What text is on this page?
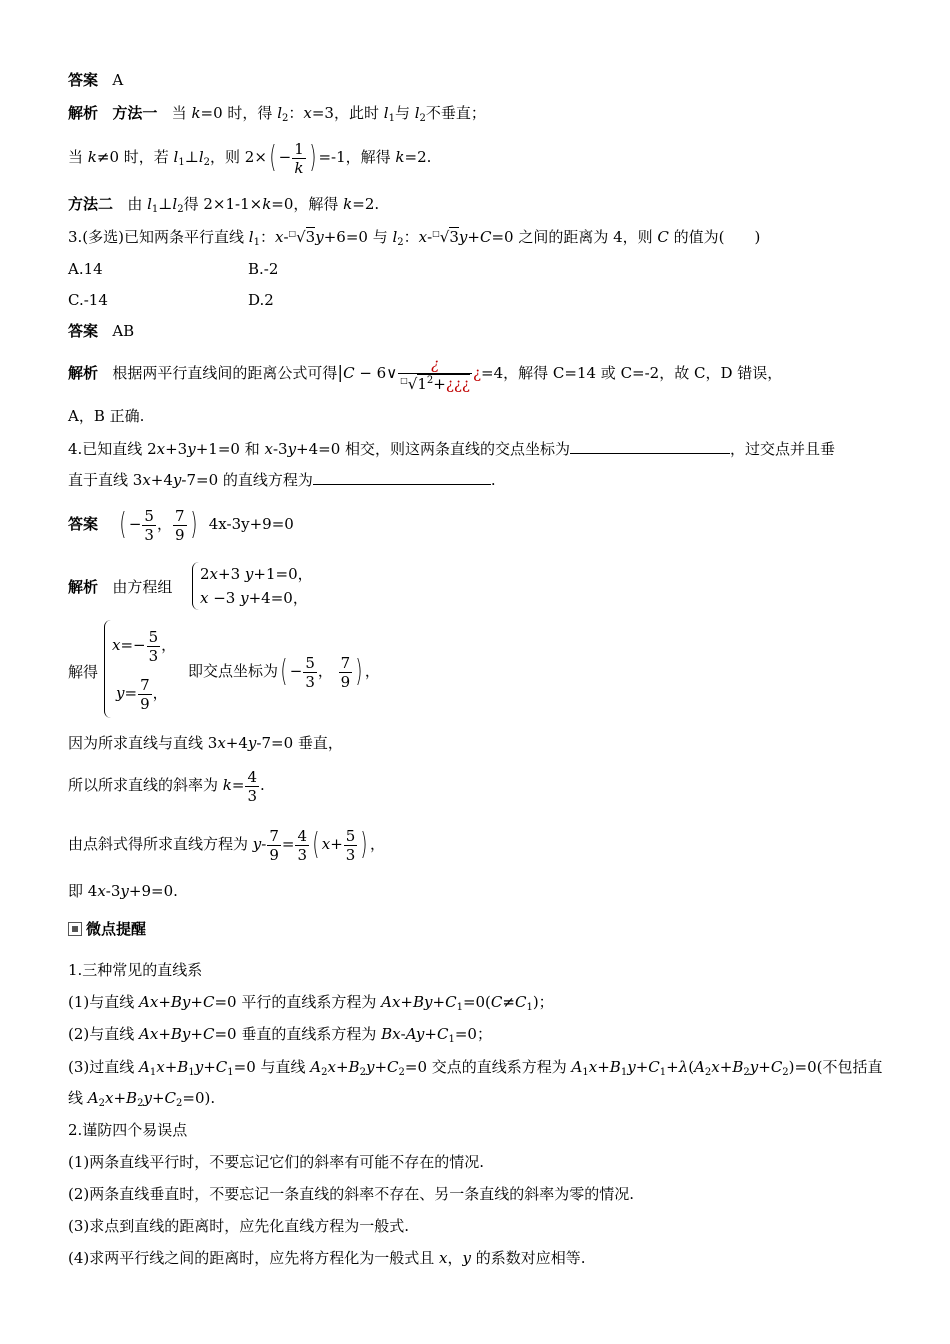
答案 A
解析 方法一 当 k=0 时，得 $l_2$：x=3，此时 $l_1$与 $l_2$不垂直；
当 k≠0 时，若 $l_1\perp l_2$，则 $2\times( - \frac{1}{k}$ ) =-1，解得 k=2.
方法二   由 $l_1\perp l_2$得 2×1-1×k=0，解得 k=2.
3.(多选)已知两条平行直线 $l_1$：x-□√3y+6=0 与 $l_2$：x-□√3y+C=0 之间的距离为 4，则 C 的值为(　　)
A.14	B.-2
C.-14	D.2
答案 AB
解析 根据两平行直线间的距离公式可得|C − 6∨ $\frac{¿}{^□√1^2+¿¿¿}$ ¿=4，解得 C=14 或 C=-2，故 C，D 错误，
A，B 正确.
4.已知直线 2x+3y+1=0 和 x-3y+4=0 相交，则这两条直线的交点坐标为	，过交点并且垂
直于直线 3x+4y-7=0 的直线方程为	.
答案 ( − $\frac{5}{3}$ ， $\frac{7}{9}$ ) 4x-3y+9=0
解析 由方程组
2x+3 y+1=0，
x −3 y+4=0，
解得
$x=- \frac{5}{3}$ ，
$y= \frac{7}{9}$ ，
即交点坐标为( − $\frac{5}{3}$ ， $\frac{7}{9}$ ) ，
因为所求直线与直线 3x+4y-7=0 垂直，
所以所求直线的斜率为 $k= \frac{4}{3}$ .
由点斜式得所求直线方程为 $y- \frac{7}{9} = \frac{4}{3}$ ( $x+ \frac{5}{3}$ ) ，
即 4x-3y+9=0.
微点提醒
1.三种常见的直线系
(1)与直线 Ax+By+C=0 平行的直线系方程为 $Ax+By+C_1=0(C\ne C_1)$；
(2)与直线 Ax+By+C=0 垂直的直线系方程为 $Bx-Ay+C_1=0$；
(3)过直线 $A_1x+B_1y+C_1=0$ 与直线 $A_2x+B_2y+C_2=0$ 交点的直线系方程为 $A_1x+B_1y+C_1+\lambda(A_2x+B_2y+C_2)=0$(不包括直
线 $A_2x+B_2y+C_2=0$).
2.谨防四个易误点
(1)两条直线平行时，不要忘记它们的斜率有可能不存在的情况.
(2)两条直线垂直时，不要忘记一条直线的斜率不存在、另一条直线的斜率为零的情况.
(3)求点到直线的距离时，应先化直线方程为一般式.
(4)求两平行线之间的距离时，应先将方程化为一般式且 x，y 的系数对应相等.
